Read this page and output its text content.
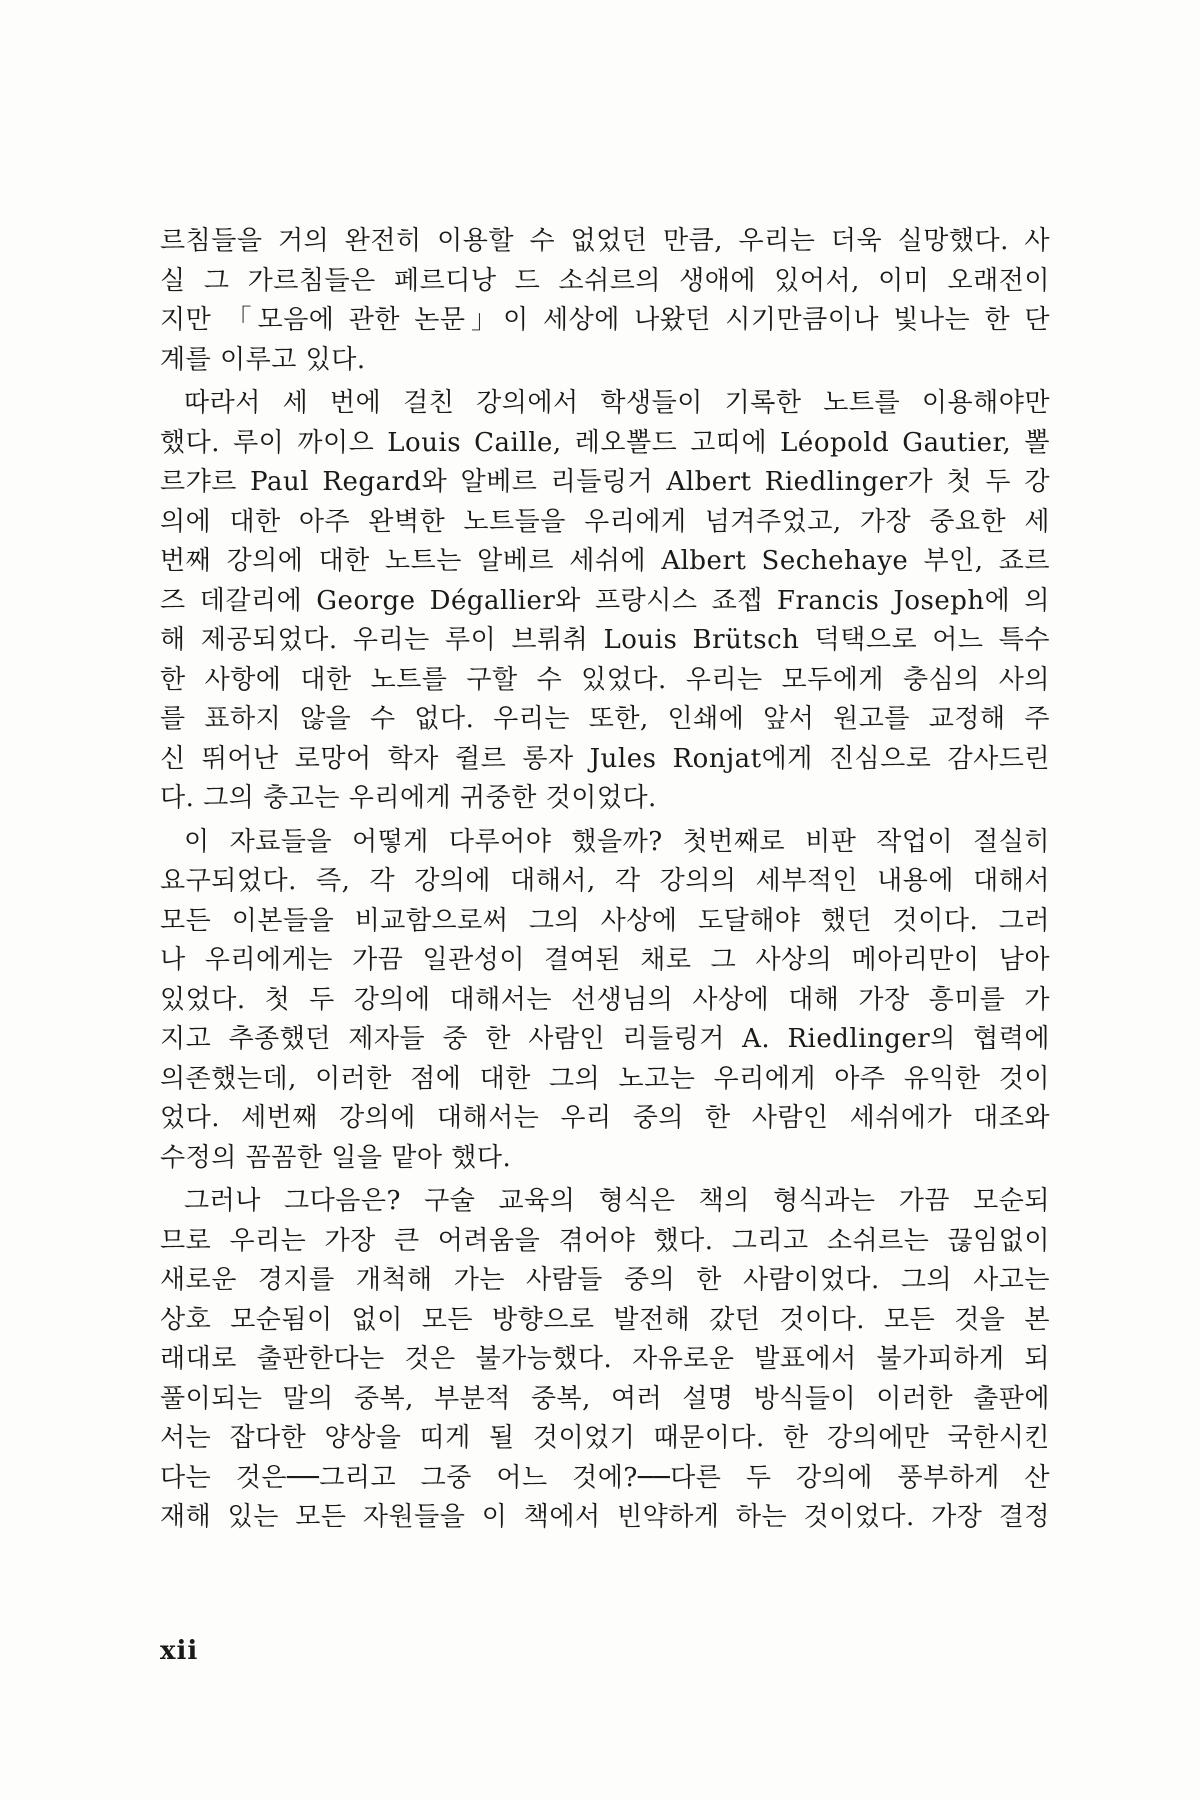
르침들을 거의 완전히 이용할 수 없었던 만큼, 우리는 더욱 실망했다. 사
실 그 가르침들은 페르디낭 드 소쉬르의 생애에 있어서, 이미 오래전이
지만 「모음에 관한 논문」이 세상에 나왔던 시기만큼이나 빛나는 한 단
계를 이루고 있다.
따라서 세 번에 걸친 강의에서 학생들이 기록한 노트를 이용해야만
했다. 루이 까이으 Louis Caille, 레오뽈드 고띠에 Léopold Gautier, 뽈
르갸르 Paul Regard와 알베르 리들링거 Albert Riedlinger가 첫 두 강
의에 대한 아주 완벽한 노트들을 우리에게 넘겨주었고, 가장 중요한 세
번째 강의에 대한 노트는 알베르 세쉬에 Albert Sechehaye 부인, 죠르
즈 데갈리에 George Dégallier와 프랑시스 죠젭 Francis Joseph에 의
해 제공되었다. 우리는 루이 브뤼취 Louis Brütsch 덕택으로 어느 특수
한 사항에 대한 노트를 구할 수 있었다. 우리는 모두에게 충심의 사의
를 표하지 않을 수 없다. 우리는 또한, 인쇄에 앞서 원고를 교정해 주
신 뛰어난 로망어 학자 쥘르 롱자 Jules Ronjat에게 진심으로 감사드린
다. 그의 충고는 우리에게 귀중한 것이었다.
이 자료들을 어떻게 다루어야 했을까? 첫번째로 비판 작업이 절실히
요구되었다. 즉, 각 강의에 대해서, 각 강의의 세부적인 내용에 대해서
모든 이본들을 비교함으로써 그의 사상에 도달해야 했던 것이다. 그러
나 우리에게는 가끔 일관성이 결여된 채로 그 사상의 메아리만이 남아
있었다. 첫 두 강의에 대해서는 선생님의 사상에 대해 가장 흥미를 가
지고 추종했던 제자들 중 한 사람인 리들링거 A. Riedlinger의 협력에
의존했는데, 이러한 점에 대한 그의 노고는 우리에게 아주 유익한 것이
었다. 세번째 강의에 대해서는 우리 중의 한 사람인 세쉬에가 대조와
수정의 꼼꼼한 일을 맡아 했다.
그러나 그다음은? 구술 교육의 형식은 책의 형식과는 가끔 모순되
므로 우리는 가장 큰 어려움을 겪어야 했다. 그리고 소쉬르는 끊임없이
새로운 경지를 개척해 가는 사람들 중의 한 사람이었다. 그의 사고는
상호 모순됨이 없이 모든 방향으로 발전해 갔던 것이다. 모든 것을 본
래대로 출판한다는 것은 불가능했다. 자유로운 발표에서 불가피하게 되
풀이되는 말의 중복, 부분적 중복, 여러 설명 방식들이 이러한 출판에
서는 잡다한 양상을 띠게 될 것이었기 때문이다. 한 강의에만 국한시킨
다는 것은──그리고 그중 어느 것에?──다른 두 강의에 풍부하게 산
재해 있는 모든 자원들을 이 책에서 빈약하게 하는 것이었다. 가장 결정
xii
